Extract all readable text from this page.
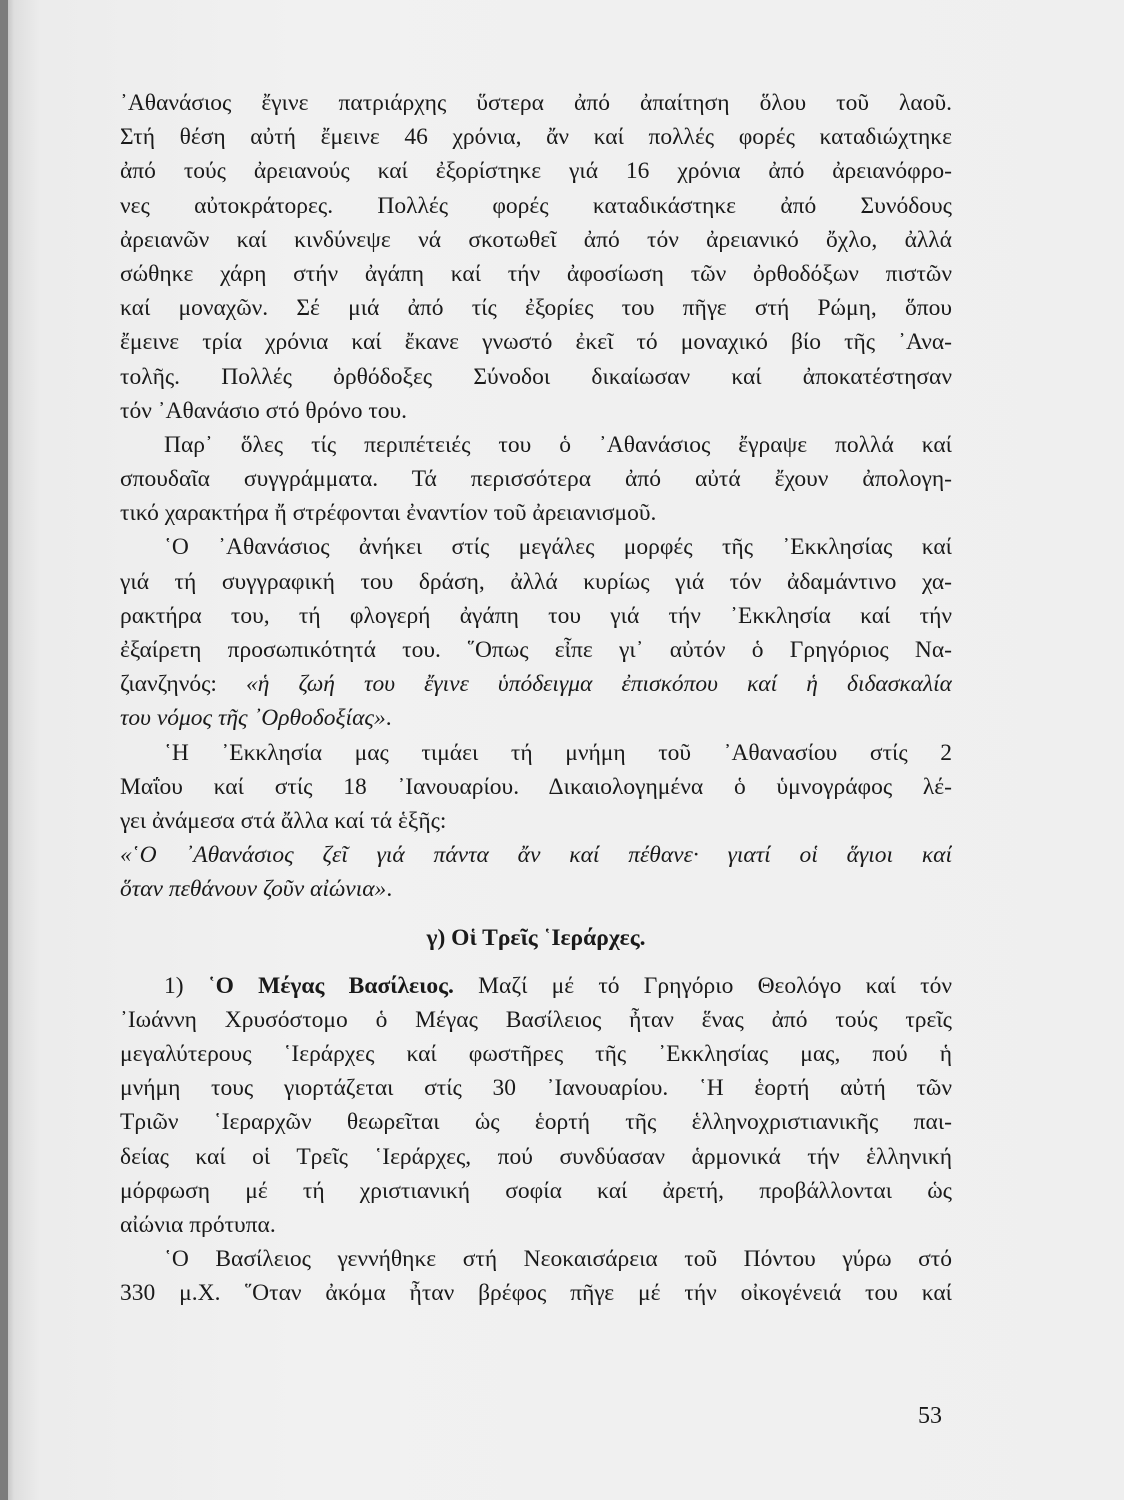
᾿Αθανάσιος ἔγινε πατριάρχης ὕστερα ἀπό ἀπαίτηση ὅλου τοῦ λαοῦ.
Στή θέση αὐτή ἔμεινε 46 χρόνια, ἄν καί πολλές φορές καταδιώχτηκε
ἀπό τούς ἀρειανούς καί ἐξορίστηκε γιά 16 χρόνια ἀπό ἀρειανόφρο-
νες αὐτοκράτορες. Πολλές φορές καταδικάστηκε ἀπό Συνόδους
ἀρειανῶν καί κινδύνεψε νά σκοτωθεῖ ἀπό τόν ἀρειανικό ὄχλο, ἀλλά
σώθηκε χάρη στήν ἀγάπη καί τήν ἀφοσίωση τῶν ὀρθοδόξων πιστῶν
καί μοναχῶν. Σέ μιά ἀπό τίς ἐξορίες του πῆγε στή Ρώμη, ὅπου
ἔμεινε τρία χρόνια καί ἔκανε γνωστό ἐκεῖ τό μοναχικό βίο τῆς ᾿Ανα-
τολῆς. Πολλές ὀρθόδοξες Σύνοδοι δικαίωσαν καί ἀποκατέστησαν
τόν ᾿Αθανάσιο στό θρόνο του.
Παρ᾿ ὅλες τίς περιπέτειές του ὁ ᾿Αθανάσιος ἔγραψε πολλά καί
σπουδαῖα συγγράμματα. Τά περισσότερα ἀπό αὐτά ἔχουν ἀπολογη-
τικό χαρακτήρα ἤ στρέφονται ἐναντίον τοῦ ἀρειανισμοῦ.
῾Ο ᾿Αθανάσιος ἀνήκει στίς μεγάλες μορφές τῆς ᾿Εκκλησίας καί
γιά τή συγγραφική του δράση, ἀλλά κυρίως γιά τόν ἀδαμάντινο χα-
ρακτήρα του, τή φλογερή ἀγάπη του γιά τήν ᾿Εκκλησία καί τήν
ἐξαίρετη προσωπικότητά του. ῞Οπως εἶπε γι᾿ αὐτόν ὁ Γρηγόριος Να-
ζιανζηνός: «ἡ ζωή του ἔγινε ὑπόδειγμα ἐπισκόπου καί ἡ διδασκαλία
του νόμος τῆς ᾿Ορθοδοξίας».
῾Η ᾿Εκκλησία μας τιμάει τή μνήμη τοῦ ᾿Αθανασίου στίς 2
Μαΐου καί στίς 18 ᾿Ιανουαρίου. Δικαιολογημένα ὁ ὑμνογράφος λέ-
γει ἀνάμεσα στά ἄλλα καί τά ἑξῆς:
«῾Ο ᾿Αθανάσιος ζεῖ γιά πάντα ἄν καί πέθανε· γιατί οἱ ἅγιοι καί
ὅταν πεθάνουν ζοῦν αἰώνια».
γ) Οἱ Τρεῖς ῾Ιεράρχες.
1) ῾Ο Μέγας Βασίλειος. Μαζί μέ τό Γρηγόριο Θεολόγο καί τόν
᾿Ιωάννη Χρυσόστομο ὁ Μέγας Βασίλειος ἦταν ἕνας ἀπό τούς τρεῖς
μεγαλύτερους ῾Ιεράρχες καί φωστῆρες τῆς ᾿Εκκλησίας μας, πού ἡ
μνήμη τους γιορτάζεται στίς 30 ᾿Ιανουαρίου. ῾Η ἑορτή αὐτή τῶν
Τριῶν ῾Ιεραρχῶν θεωρεῖται ὡς ἑορτή τῆς ἑλληνοχριστιανικῆς παι-
δείας καί οἱ Τρεῖς ῾Ιεράρχες, πού συνδύασαν ἁρμονικά τήν ἑλληνική
μόρφωση μέ τή χριστιανική σοφία καί ἀρετή, προβάλλονται ὡς
αἰώνια πρότυπα.
῾Ο Βασίλειος γεννήθηκε στή Νεοκαισάρεια τοῦ Πόντου γύρω στό
330 μ.Χ. ῞Οταν ἀκόμα ἦταν βρέφος πῆγε μέ τήν οἰκογένειά του καί
53
